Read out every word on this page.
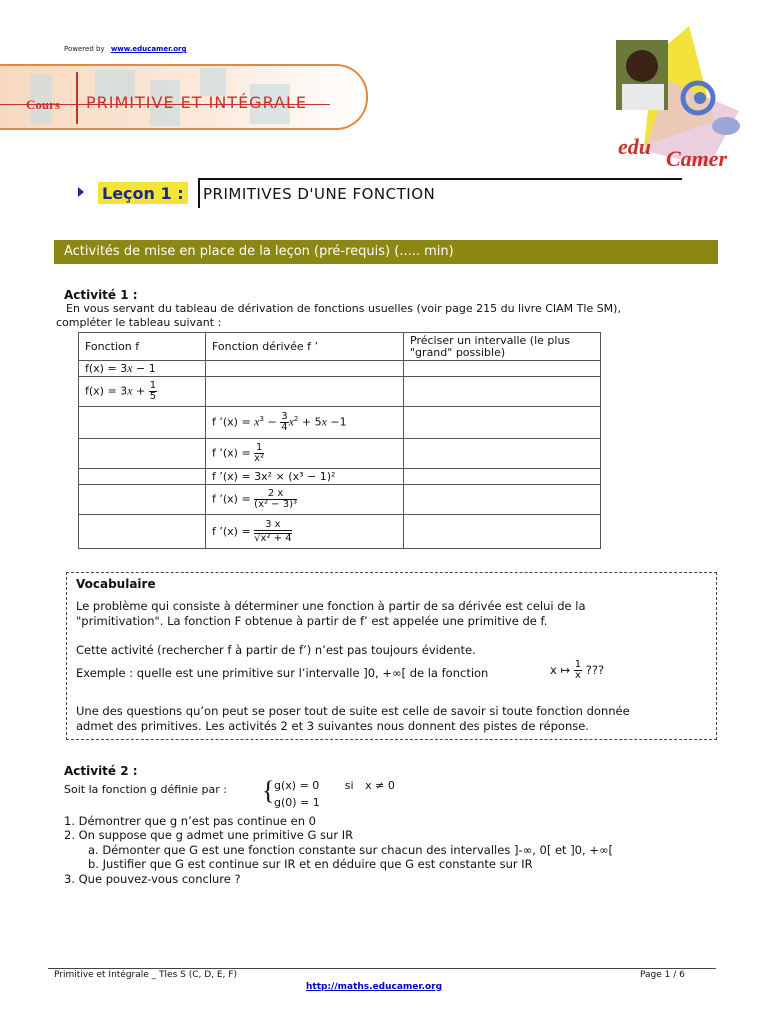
Powered by www.educamer.org
Cours PRIMITIVE ET INTÉGRALE
edu Camer
Leçon 1 : PRIMITIVES D'UNE FONCTION
Activités de mise en place de la leçon (pré-requis) (..... min)
Activité 1 :
En vous servant du tableau de dérivation de fonctions usuelles (voir page 215 du livre CIAM Tle SM),
compléter le tableau suivant :
Fonction f	Fonction dérivée f ’	Préciser un intervalle (le plus
"grand" possible)
f(x) = 3x − 1		
$f(x) = 3x + \frac{1}{5}$

	f ’(x) = $x^3 - \frac{3}{4} x^2 + 5x -1$	
	f ’(x) = $\frac{1}{\text{x²}}$

	f ’(x) = 3x² × (x³ − 1)²	
	f ’(x) = $\frac{2 x}{\text{(x² − 3)³}}$

	f ’(x) = $\frac{3 x}{\text{√x² + 4}}$

Vocabulaire
Le problème qui consiste à déterminer une fonction à partir de sa dérivée est celui de la
"primitivation". La fonction F obtenue à partir de f’ est appelée une primitive de f.
Cette activité (rechercher f à partir de f’) n’est pas toujours évidente.
Exemple : quelle est une primitive sur l’intervalle ]0, +∞[ de la fonction	x ↦ $\frac{1}{x}$ ???
Une des questions qu’on peut se poser tout de suite est celle de savoir si toute fonction donnée
admet des primitives. Les activités 2 et 3 suivantes nous donnent des pistes de réponse.
Activité 2 :
Soit la fonction g définie par : { g(x) = 0 si x ≠ 0
g(0) = 1
1. Démontrer que g n’est pas continue en 0
2. On suppose que g admet une primitive G sur IR
a. Démonter que G est une fonction constante sur chacun des intervalles ]-∞, 0[ et ]0, +∞[
b. Justifier que G est continue sur IR et en déduire que G est constante sur IR
3. Que pouvez-vous conclure ?
Primitive et Intégrale _ Tles S (C, D, E, F)	Page 1 / 6
http://maths.educamer.org
